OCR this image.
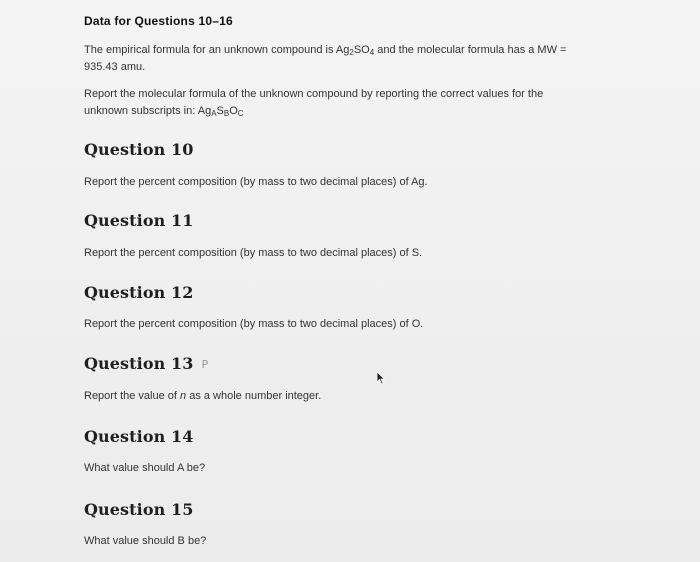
Data for Questions 10–16
The empirical formula for an unknown compound is $Ag_2SO_4$ and the molecular formula has a MW =
935.43 amu.
Report the molecular formula of the unknown compound by reporting the correct values for the unknown subscripts in: $Ag_AS_BO_C$
Question 10
Report the percent composition (by mass to two decimal places) of Ag.
Question 11
Report the percent composition (by mass to two decimal places) of S.
Question 12
Report the percent composition (by mass to two decimal places) of O.
Question 13 P
Report the value of n as a whole number integer.
Question 14
What value should A be?
Question 15
What value should B be?
